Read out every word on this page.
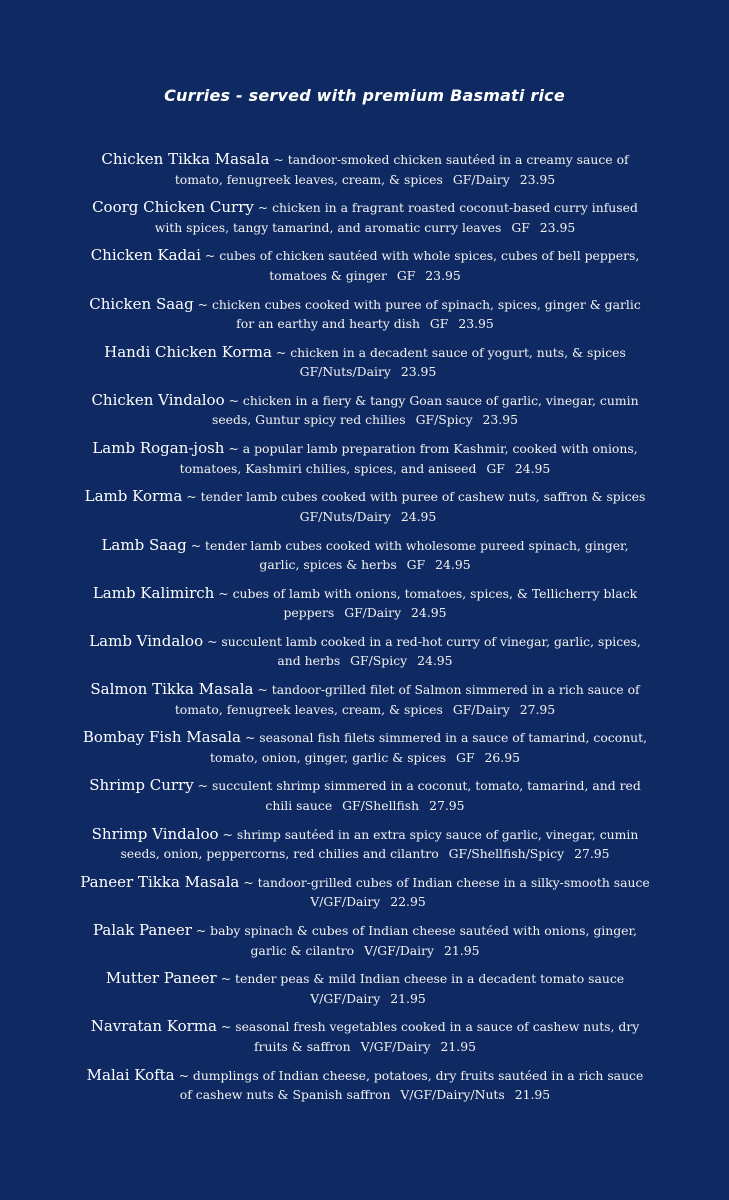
Curries - served with premium Basmati rice
Chicken Tikka Masala ~ tandoor-smoked chicken sautéed in a creamy sauce of tomato, fenugreek leaves, cream, & spices GF/Dairy 23.95
Coorg Chicken Curry ~ chicken in a fragrant roasted coconut-based curry infused with spices, tangy tamarind, and aromatic curry leaves GF 23.95
Chicken Kadai ~ cubes of chicken sautéed with whole spices, cubes of bell peppers, tomatoes & ginger GF 23.95
Chicken Saag ~ chicken cubes cooked with puree of spinach, spices, ginger & garlic for an earthy and hearty dish GF 23.95
Handi Chicken Korma ~ chicken in a decadent sauce of yogurt, nuts, & spices GF/Nuts/Dairy 23.95
Chicken Vindaloo ~ chicken in a fiery & tangy Goan sauce of garlic, vinegar, cumin seeds, Guntur spicy red chilies GF/Spicy 23.95
Lamb Rogan-josh ~ a popular lamb preparation from Kashmir, cooked with onions, tomatoes, Kashmiri chilies, spices, and aniseed GF 24.95
Lamb Korma ~ tender lamb cubes cooked with puree of cashew nuts, saffron & spices GF/Nuts/Dairy 24.95
Lamb Saag ~ tender lamb cubes cooked with wholesome pureed spinach, ginger, garlic, spices & herbs GF 24.95
Lamb Kalimirch ~ cubes of lamb with onions, tomatoes, spices, & Tellicherry black peppers GF/Dairy 24.95
Lamb Vindaloo ~ succulent lamb cooked in a red-hot curry of vinegar, garlic, spices, and herbs GF/Spicy 24.95
Salmon Tikka Masala ~ tandoor-grilled filet of Salmon simmered in a rich sauce of tomato, fenugreek leaves, cream, & spices GF/Dairy 27.95
Bombay Fish Masala ~ seasonal fish filets simmered in a sauce of tamarind, coconut, tomato, onion, ginger, garlic & spices GF 26.95
Shrimp Curry ~ succulent shrimp simmered in a coconut, tomato, tamarind, and red chili sauce GF/Shellfish 27.95
Shrimp Vindaloo ~ shrimp sautéed in an extra spicy sauce of garlic, vinegar, cumin seeds, onion, peppercorns, red chilies and cilantro GF/Shellfish/Spicy 27.95
Paneer Tikka Masala ~ tandoor-grilled cubes of Indian cheese in a silky-smooth sauce V/GF/Dairy 22.95
Palak Paneer ~ baby spinach & cubes of Indian cheese sautéed with onions, ginger, garlic & cilantro V/GF/Dairy 21.95
Mutter Paneer ~ tender peas & mild Indian cheese in a decadent tomato sauce V/GF/Dairy 21.95
Navratan Korma ~ seasonal fresh vegetables cooked in a sauce of cashew nuts, dry fruits & saffron V/GF/Dairy 21.95
Malai Kofta ~ dumplings of Indian cheese, potatoes, dry fruits sautéed in a rich sauce of cashew nuts & Spanish saffron V/GF/Dairy/Nuts 21.95
